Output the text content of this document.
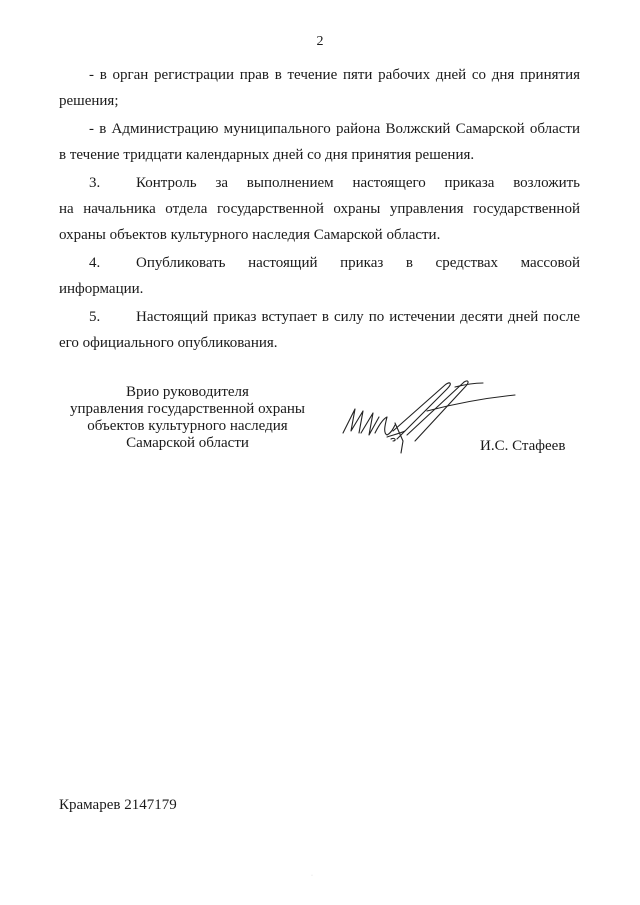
2

- в орган регистрации прав в течение пяти рабочих дней со дня принятия решения;

- в Администрацию муниципального района Волжский Самарской области в течение тридцати календарных дней со дня принятия решения.

3.	Контроль за выполнением настоящего приказа возложить
на начальника отдела государственной охраны управления государственной охраны объектов культурного наследия Самарской области.
4.	Опубликовать настоящий приказ в средствах массовой
информации.
5.	Настоящий приказ вступает в силу по истечении десяти дней после
его официального опубликования.
Врио руководителя
управления государственной охраны
объектов культурного наследия
Самарской области	И.С. Стафеев
Крамарев 2147179
·
